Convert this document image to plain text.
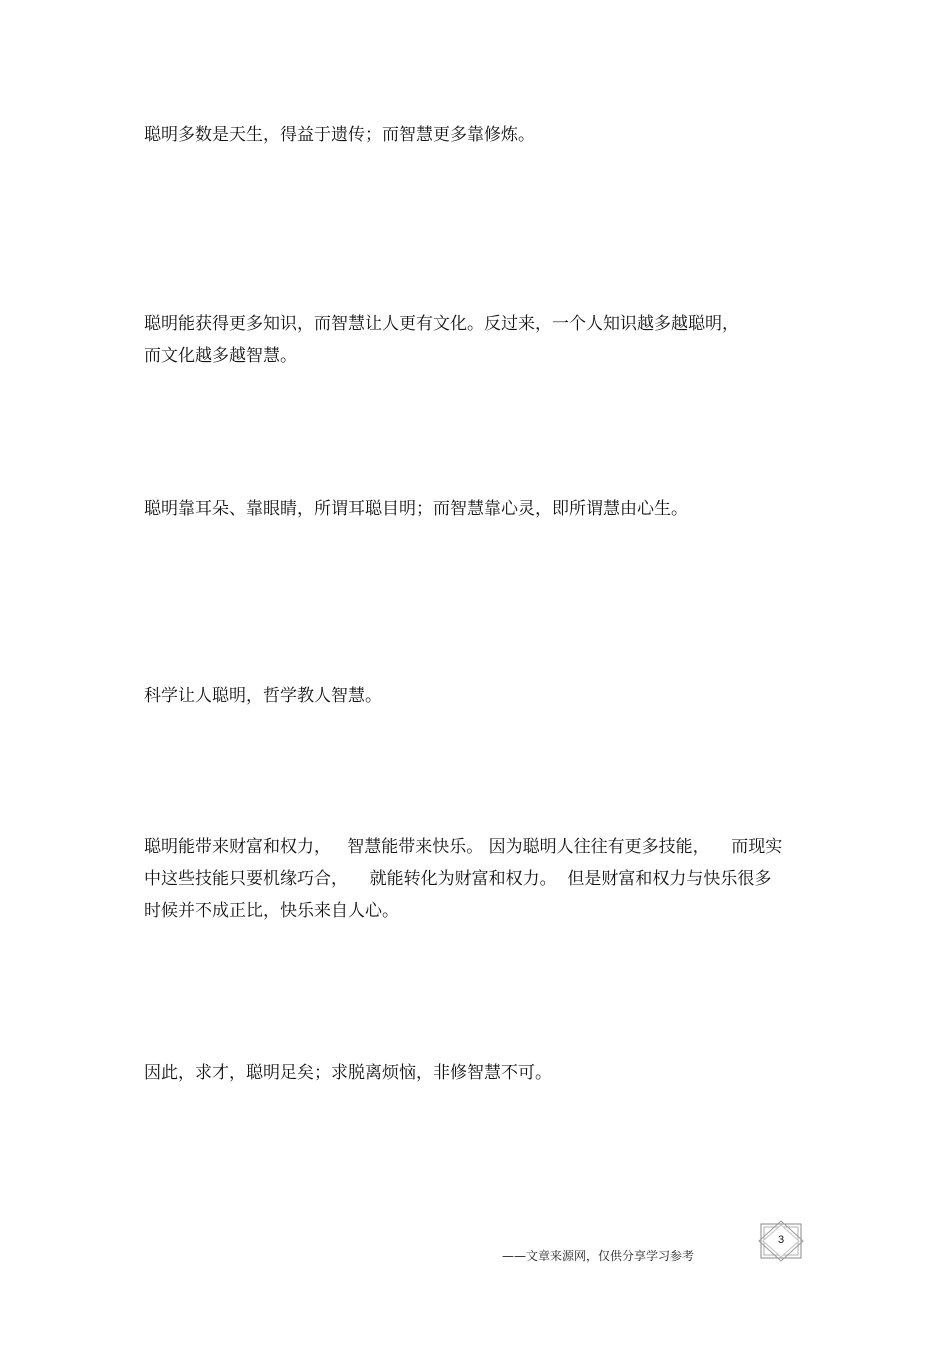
聪明多数是天生，得益于遗传；而智慧更多靠修炼。

聪明能获得更多知识，而智慧让人更有文化。反过来，一个人知识越多越聪明，
而文化越多越智慧。

聪明靠耳朵、靠眼睛，所谓耳聪目明；而智慧靠心灵，即所谓慧由心生。

科学让人聪明，哲学教人智慧。

聪明能带来财富和权力，   智慧能带来快乐。 因为聪明人往往有更多技能，    而现实
中这些技能只要机缘巧合，    就能转化为财富和权力。  但是财富和权力与快乐很多
时候并不成正比，快乐来自人心。

因此，求才，聪明足矣；求脱离烦恼，非修智慧不可。

——文章来源网，仅供分享学习参考
3
